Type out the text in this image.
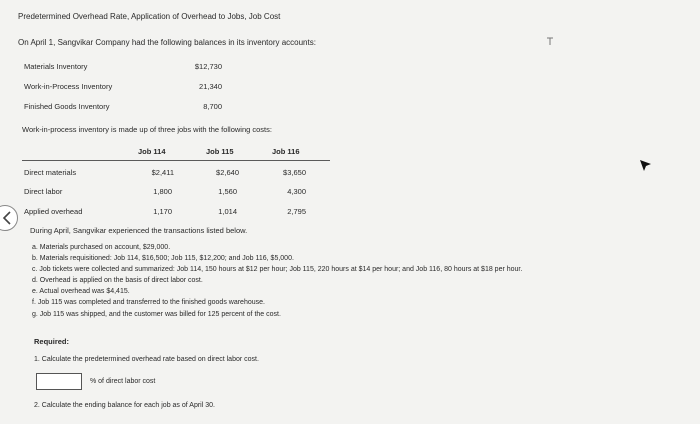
Predetermined Overhead Rate, Application of Overhead to Jobs, Job Cost
On April 1, Sangvikar Company had the following balances in its inventory accounts:
Materials Inventory	$12,730
Work-in-Process Inventory	21,340
Finished Goods Inventory	8,700
Work-in-process inventory is made up of three jobs with the following costs:
Job 114	Job 115	Job 116
Direct materials	$2,411	$2,640	$3,650
Direct labor	1,800	1,560	4,300
Applied overhead	1,170	1,014	2,795
During April, Sangvikar experienced the transactions listed below.
a. Materials purchased on account, $29,000.
b. Materials requisitioned: Job 114, $16,500; Job 115, $12,200; and Job 116, $5,000.
c. Job tickets were collected and summarized: Job 114, 150 hours at $12 per hour; Job 115, 220 hours at $14 per hour; and Job 116, 80 hours at $18 per hour.
d. Overhead is applied on the basis of direct labor cost.
e. Actual overhead was $4,415.
f. Job 115 was completed and transferred to the finished goods warehouse.
g. Job 115 was shipped, and the customer was billed for 125 percent of the cost.
Required:
1. Calculate the predetermined overhead rate based on direct labor cost.
% of direct labor cost
2. Calculate the ending balance for each job as of April 30.
